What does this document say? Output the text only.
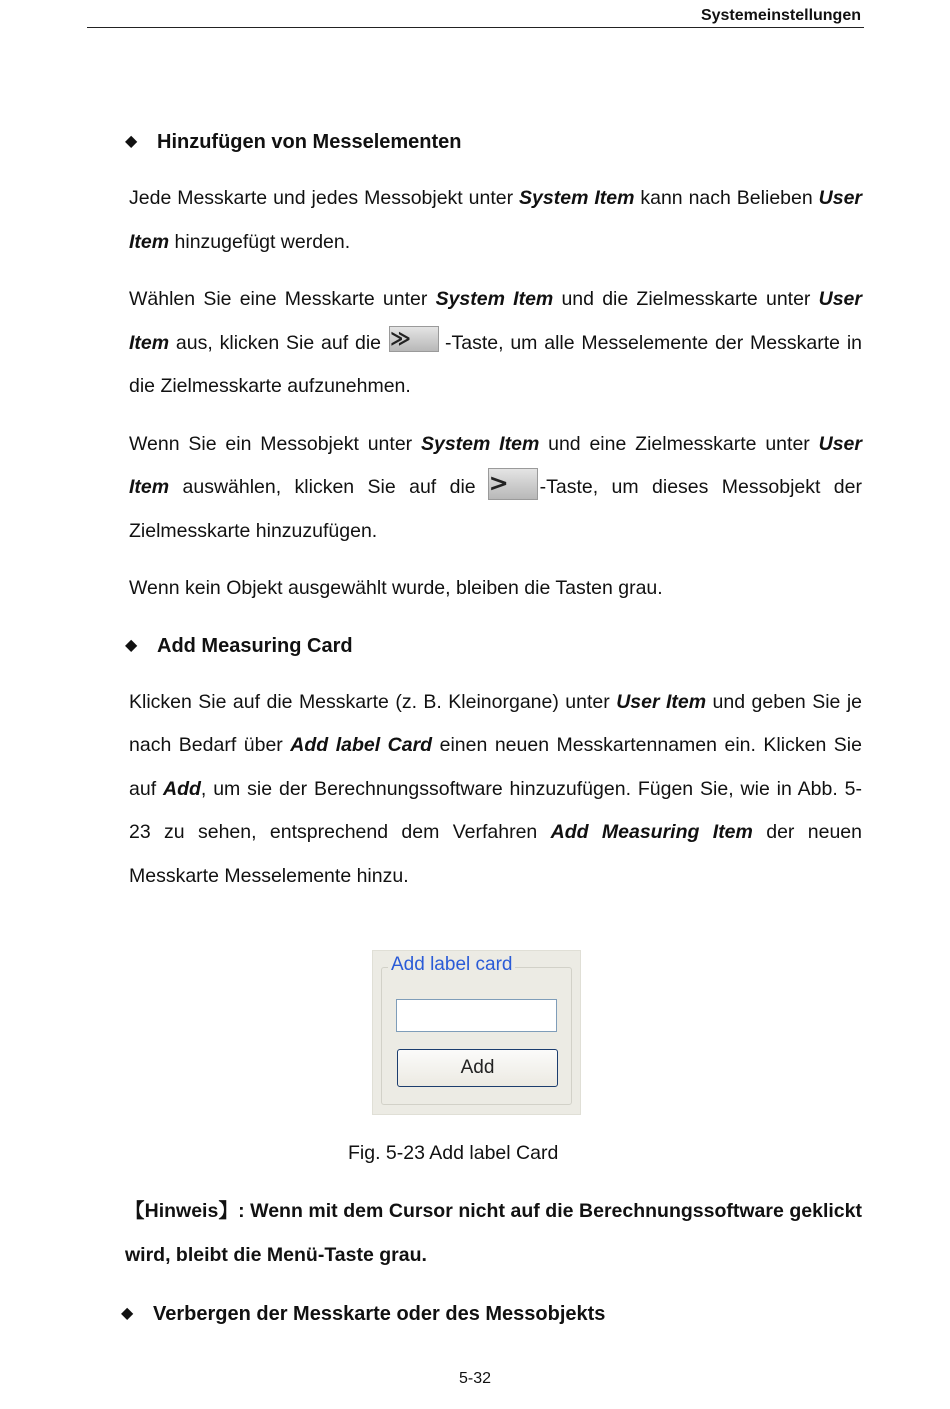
Systemeinstellungen
◆ Hinzufügen von Messelementen

Jede Messkarte und jedes Messobjekt unter System Item kann nach Belieben User Item hinzugefügt werden.

Wählen Sie eine Messkarte unter System Item und die Zielmesskarte unter User Item aus, klicken Sie auf die ≫ -Taste, um alle Messelemente der Messkarte in die Zielmesskarte aufzunehmen.

Wenn Sie ein Messobjekt unter System Item und eine Zielmesskarte unter User Item auswählen, klicken Sie auf die > -Taste, um dieses Messobjekt der Zielmesskarte hinzuzufügen.

Wenn kein Objekt ausgewählt wurde, bleiben die Tasten grau.

◆ Add Measuring Card

Klicken Sie auf die Messkarte (z. B. Kleinorgane) unter User Item und geben Sie je nach Bedarf über Add label Card einen neuen Messkartennamen ein. Klicken Sie auf Add, um sie der Berechnungssoftware hinzuzufügen. Fügen Sie, wie in Abb. 5-23 zu sehen, entsprechend dem Verfahren Add Measuring Item der neuen Messkarte Messelemente hinzu.

Add label card
Add
Fig. 5-23 Add label Card
【Hinweis】: Wenn mit dem Cursor nicht auf die Berechnungssoftware geklickt wird, bleibt die Menü-Taste grau.
◆ Verbergen der Messkarte oder des Messobjekts
5-32
